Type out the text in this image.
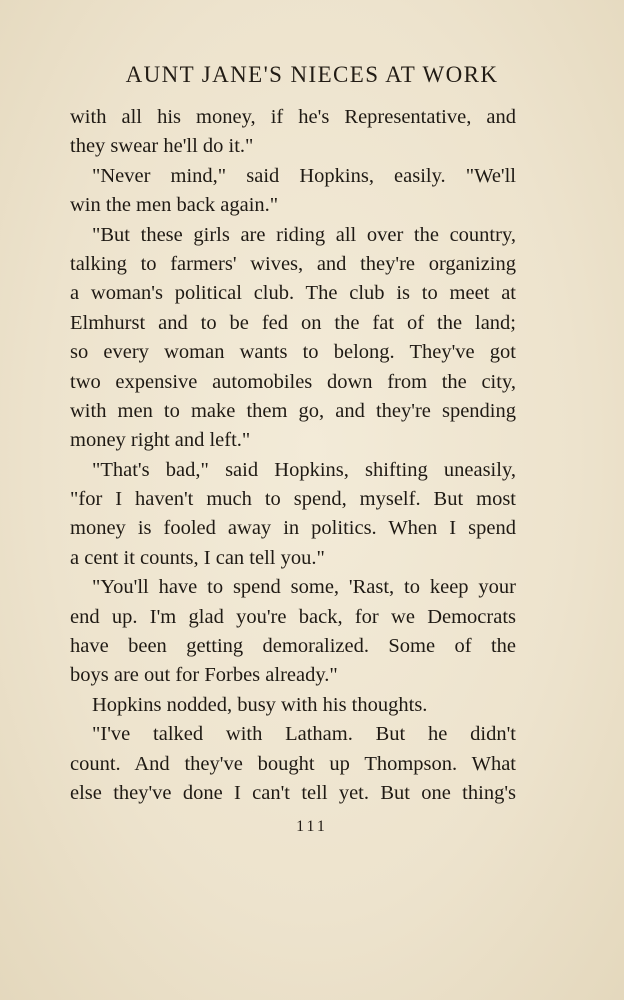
AUNT JANE'S NIECES AT WORK
with all his money, if he's Representative, and
they swear he'll do it."
"Never mind," said Hopkins, easily. "We'll
win the men back again."
"But these girls are riding all over the country,
talking to farmers' wives, and they're organizing
a woman's political club. The club is to meet at
Elmhurst and to be fed on the fat of the land;
so every woman wants to belong. They've got
two expensive automobiles down from the city,
with men to make them go, and they're spending
money right and left."
"That's bad," said Hopkins, shifting uneasily,
"for I haven't much to spend, myself. But most
money is fooled away in politics. When I spend
a cent it counts, I can tell you."
"You'll have to spend some, 'Rast, to keep your
end up. I'm glad you're back, for we Democrats
have been getting demoralized. Some of the
boys are out for Forbes already."
Hopkins nodded, busy with his thoughts.
"I've talked with Latham. But he didn't
count. And they've bought up Thompson. What
else they've done I can't tell yet. But one thing's
111
